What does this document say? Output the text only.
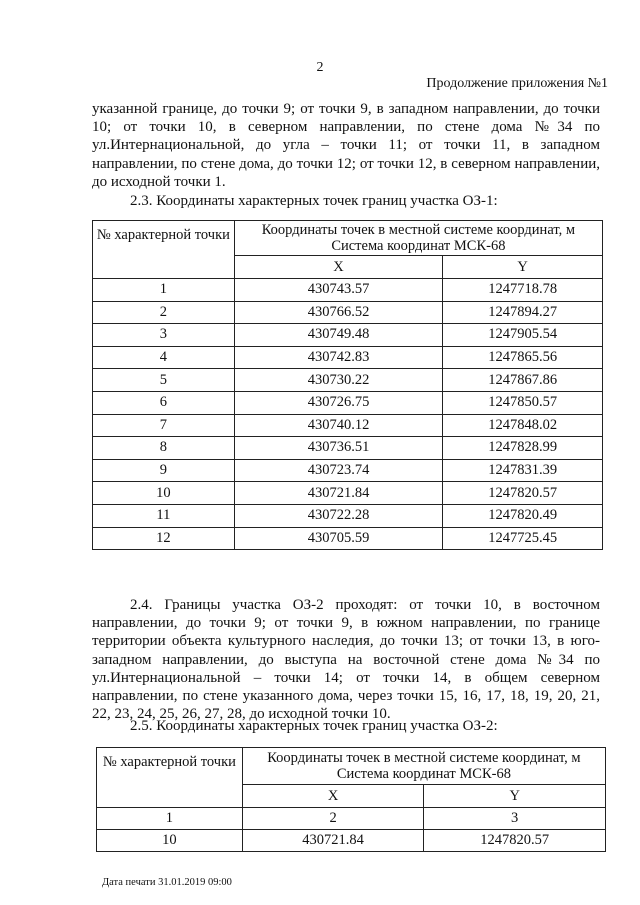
2
Продолжение приложения №1

указанной границе, до точки 9; от точки 9, в западном направлении, до точки 10; от точки 10, в северном направлении, по стене дома №34 по ул.Интернациональной, до угла – точки 11; от точки 11, в западном направлении, по стене дома, до точки 12; от точки 12, в северном направлении, до исходной точки 1.

2.3. Координаты характерных точек границ участка ОЗ-1:

№ характерной точки	Координаты точек в местной системе координат, м Система координат МСК-68	
	X	Y
1	430743.57	1247718.78
2	430766.52	1247894.27
3	430749.48	1247905.54
4	430742.83	1247865.56
5	430730.22	1247867.86
6	430726.75	1247850.57
7	430740.12	1247848.02
8	430736.51	1247828.99
9	430723.74	1247831.39
10	430721.84	1247820.57
11	430722.28	1247820.49
12	430705.59	1247725.45

2.4. Границы участка ОЗ-2 проходят: от точки 10, в восточном направлении, до точки 9; от точки 9, в южном направлении, по границе территории объекта культурного наследия, до точки 13; от точки 13, в юго-западном направлении, до выступа на восточной стене дома №34 по ул.Интернациональной – точки 14; от точки 14, в общем северном направлении, по стене указанного дома, через точки 15, 16, 17, 18, 19, 20, 21, 22, 23, 24, 25, 26, 27, 28, до исходной точки 10.

2.5. Координаты характерных точек границ участка ОЗ-2:

№ характерной точки	Координаты точек в местной системе координат, м Система координат МСК-68	
	X	Y
1	2	3
10	430721.84	1247820.57
Дата печати 31.01.2019 09:00
